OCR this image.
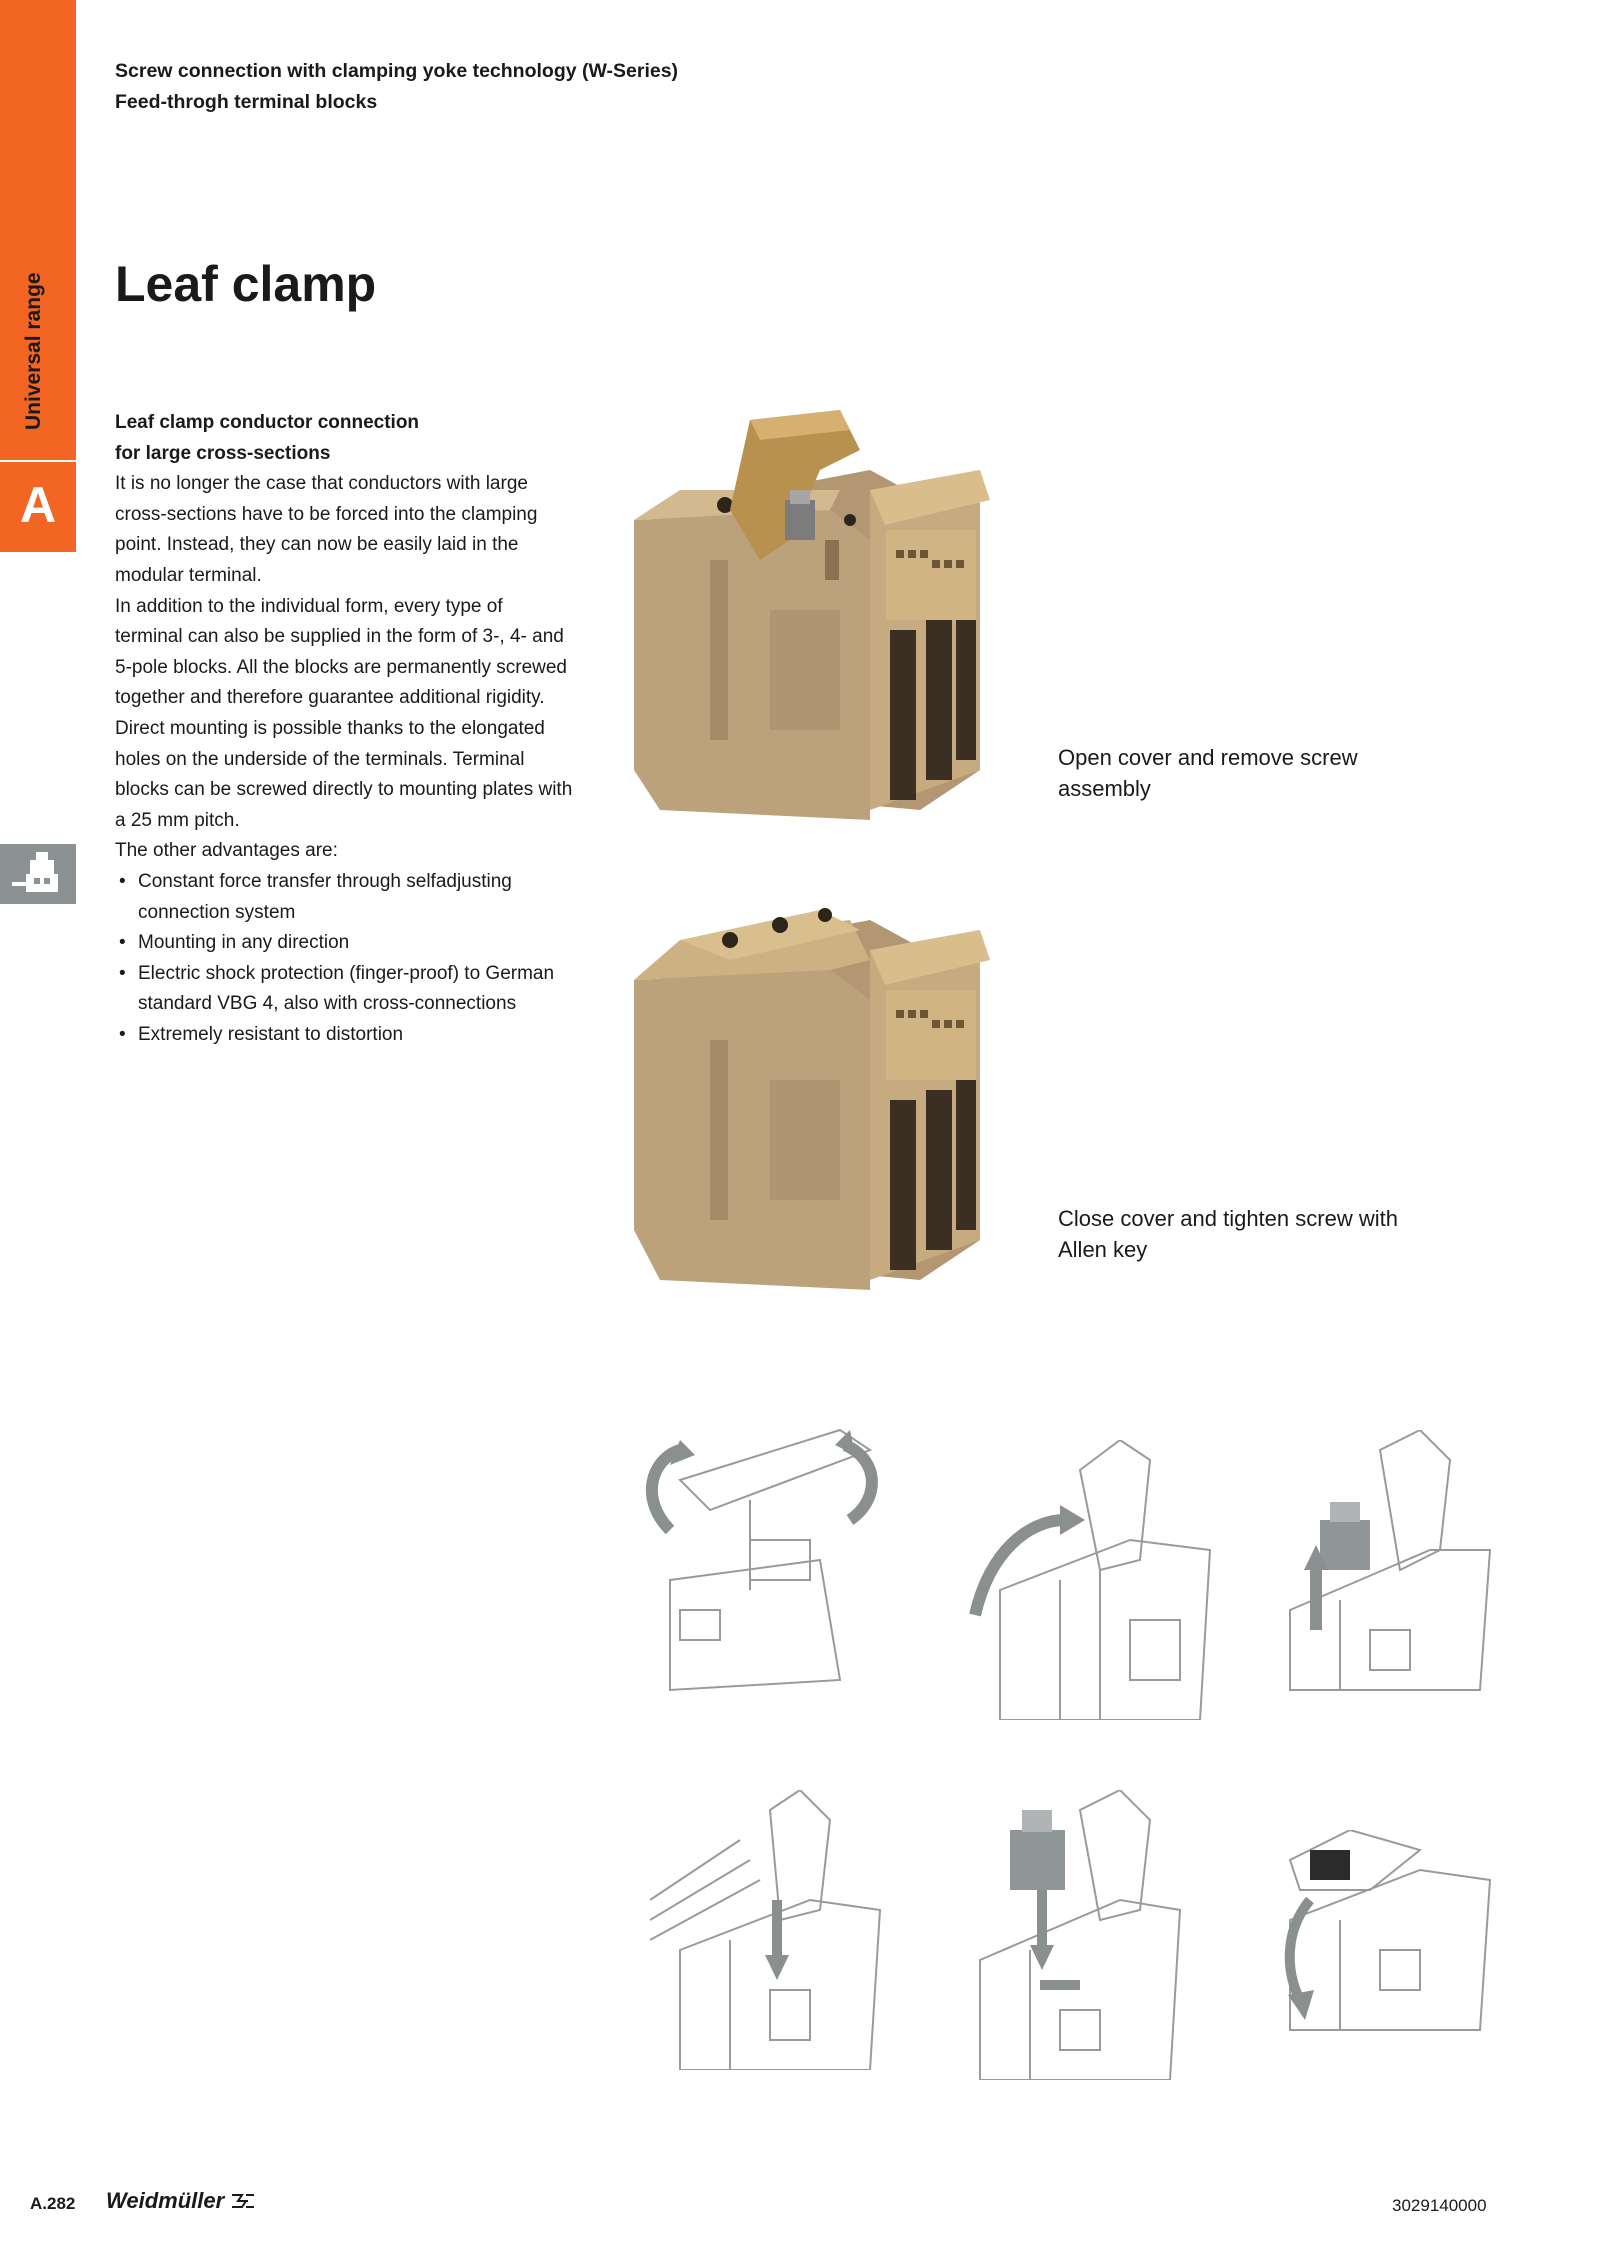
Universal range
A
Screw connection with clamping yoke technology (W-Series)
Feed-throgh terminal blocks
Leaf clamp
Leaf clamp conductor connection
for large cross-sections

It is no longer the case that conductors with large cross-sections have to be forced into the clamping point. Instead, they can now be easily laid in the modular terminal.

In addition to the individual form, every type of terminal can also be supplied in the form of 3-, 4- and 5-pole blocks. All the blocks are permanently screwed together and therefore guarantee additional rigidity. Direct mounting is possible thanks to the elongated holes on the underside of the terminals. Terminal blocks can be screwed directly to mounting plates with a 25 mm pitch.

The other advantages are:

• Constant force transfer through selfadjusting connection system
• Mounting in any direction
• Electric shock protection (finger-proof) to German standard VBG 4, also with cross-connections
• Extremely resistant to distortion
Open cover and remove screw assembly
Close cover and tighten screw with Allen key
A.282 Weidmüller	3029140000
